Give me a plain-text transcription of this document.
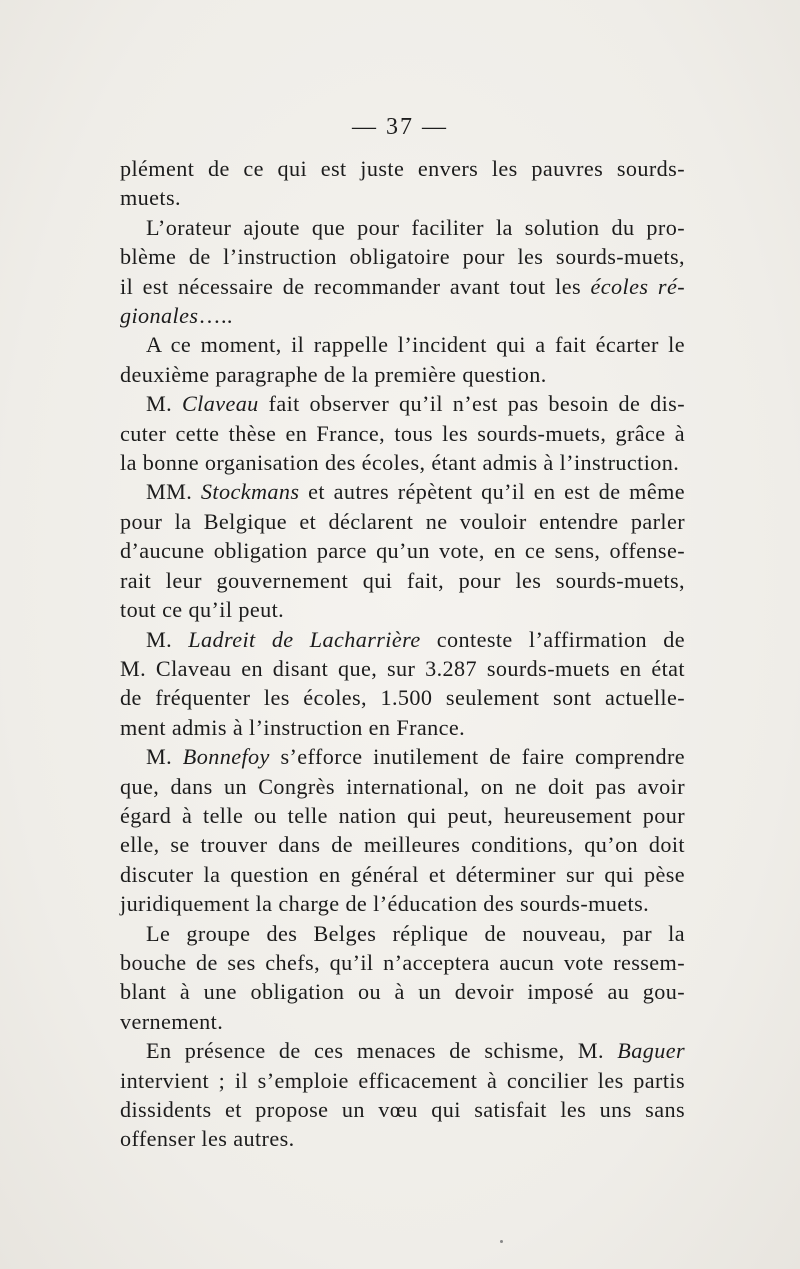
— 37 —
plément de ce qui est juste envers les pauvres sourds-
muets.
L’orateur ajoute que pour faciliter la solution du pro-
blème de l’instruction obligatoire pour les sourds-muets,
il est nécessaire de recommander avant tout les écoles ré-
gionales…..
A ce moment, il rappelle l’incident qui a fait écarter le
deuxième paragraphe de la première question.
M. Claveau fait observer qu’il n’est pas besoin de dis-
cuter cette thèse en France, tous les sourds-muets, grâce à
la bonne organisation des écoles, étant admis à l’instruction.
MM. Stockmans et autres répètent qu’il en est de même
pour la Belgique et déclarent ne vouloir entendre parler
d’aucune obligation parce qu’un vote, en ce sens, offense-
rait leur gouvernement qui fait, pour les sourds-muets,
tout ce qu’il peut.
M. Ladreit de Lacharrière conteste l’affirmation de
M. Claveau en disant que, sur 3.287 sourds-muets en état
de fréquenter les écoles, 1.500 seulement sont actuelle-
ment admis à l’instruction en France.
M. Bonnefoy s’efforce inutilement de faire comprendre
que, dans un Congrès international, on ne doit pas avoir
égard à telle ou telle nation qui peut, heureusement pour
elle, se trouver dans de meilleures conditions, qu’on doit
discuter la question en général et déterminer sur qui pèse
juridiquement la charge de l’éducation des sourds-muets.
Le groupe des Belges réplique de nouveau, par la
bouche de ses chefs, qu’il n’acceptera aucun vote ressem-
blant à une obligation ou à un devoir imposé au gou-
vernement.
En présence de ces menaces de schisme, M. Baguer
intervient ; il s’emploie efficacement à concilier les partis
dissidents et propose un vœu qui satisfait les uns sans
offenser les autres.
